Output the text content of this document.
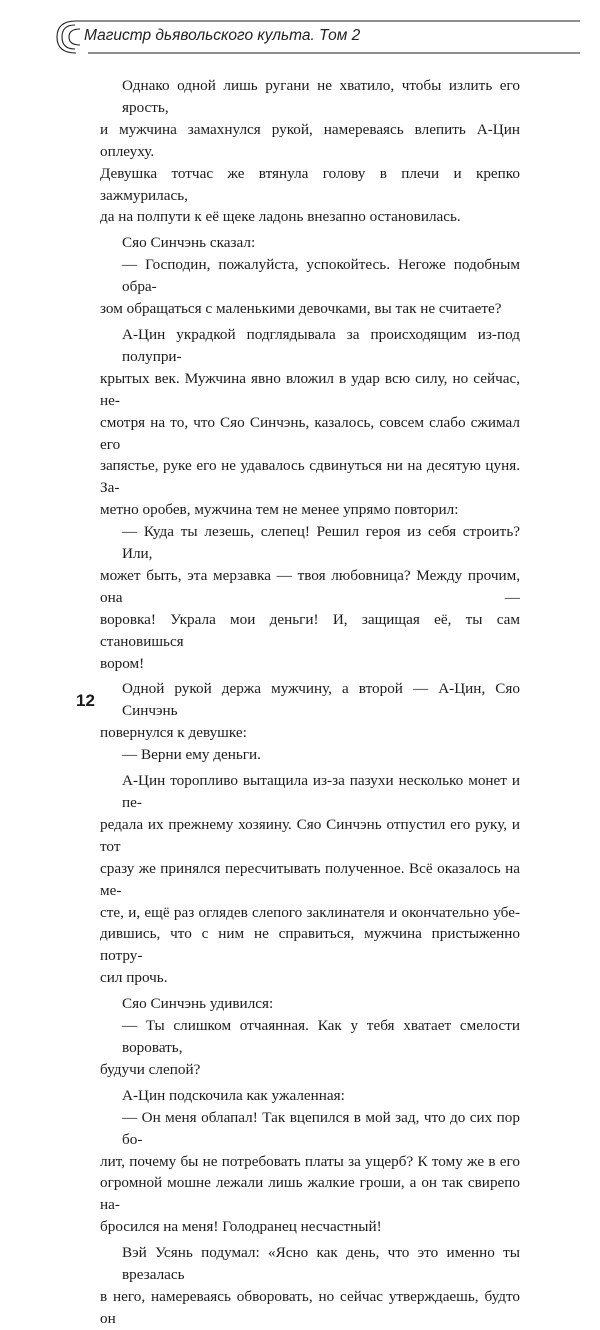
Магистр дьявольского культа. Том 2

Однако одной лишь ругани не хватило, чтобы излить его ярость,
и мужчина замахнулся рукой, намереваясь влепить А-Цин оплеуху.
Девушка тотчас же втянула голову в плечи и крепко зажмурилась,
да на полпути к её щеке ладонь внезапно остановилась.

Сяо Синчэнь сказал:

— Господин, пожалуйста, успокойтесь. Негоже подобным обра-
зом обращаться с маленькими девочками, вы так не считаете?

А-Цин украдкой подглядывала за происходящим из-под полупри-
крытых век. Мужчина явно вложил в удар всю силу, но сейчас, не-
смотря на то, что Сяо Синчэнь, казалось, совсем слабо сжимал его
запястье, руке его не удавалось сдвинуться ни на десятую цуня. За-
метно оробев, мужчина тем не менее упрямо повторил:

— Куда ты лезешь, слепец! Решил героя из себя строить? Или,
может быть, эта мерзавка — твоя любовница? Между прочим, она —
воровка! Украла мои деньги! И, защищая её, ты сам становишься
вором!

Одной рукой держа мужчину, а второй — А-Цин, Сяо Синчэнь
повернулся к девушке:

— Верни ему деньги.

А-Цин торопливо вытащила из-за пазухи несколько монет и пе-
редала их прежнему хозяину. Сяо Синчэнь отпустил его руку, и тот
сразу же принялся пересчитывать полученное. Всё оказалось на ме-
сте, и, ещё раз оглядев слепого заклинателя и окончательно убе-
дившись, что с ним не справиться, мужчина пристыженно потру-
сил прочь.

Сяо Синчэнь удивился:

— Ты слишком отчаянная. Как у тебя хватает смелости воровать,
будучи слепой?

А-Цин подскочила как ужаленная:

— Он меня облапал! Так вцепился в мой зад, что до сих пор бо-
лит, почему бы не потребовать платы за ущерб? К тому же в его
огромной мошне лежали лишь жалкие гроши, а он так свирепо на-
бросился на меня! Голодранец несчастный!

Вэй Усянь подумал: «Ясно как день, что это именно ты врезалась
в него, намереваясь обворовать, но сейчас утверждаешь, будто он

12
